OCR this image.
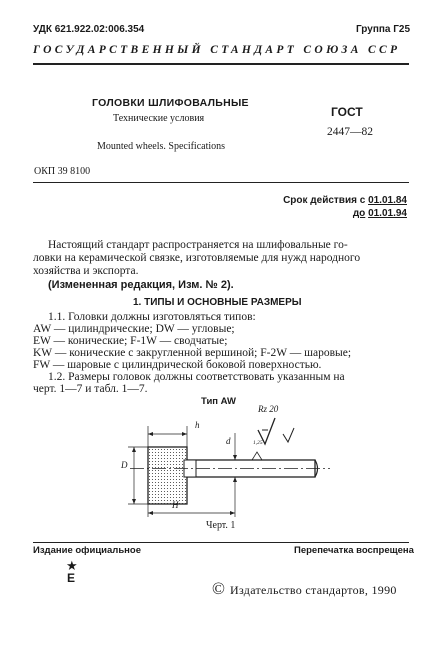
УДК 621.922.02:006.354	Группа Г25
ГОСУДАРСТВЕННЫЙ СТАНДАРТ СОЮЗА ССР
ГОЛОВКИ ШЛИФОВАЛЬНЫЕ
Технические условия
Mounted wheels. Specifications
ГОСТ
2447—82
ОКП 39 8100
Срок действия с 01.01.84
до 01.01.94
Настоящий стандарт распространяется на шлифовальные го-
ловки на керамической связке, изготовляемые для нужд народного
хозяйства и экспорта.
(Измененная редакция, Изм. № 2).
1. ТИПЫ И ОСНОВНЫЕ РАЗМЕРЫ
1.1. Головки должны изготовляться типов:
AW — цилиндрические; DW — угловые;
EW — конические; F-1W — сводчатые;
KW — конические с закругленной вершиной; F-2W — шаровые;
FW — шаровые с цилиндрической боковой поверхностью.
1.2. Размеры головок должны соответствовать указанным на
черт. 1—7 и табл. 1—7.
Тип AW
Rz 20
h
d
D
H
1,25
Черт. 1
Издание официальное	Перепечатка воспрещена
★
Е
© Издательство стандартов, 1990
